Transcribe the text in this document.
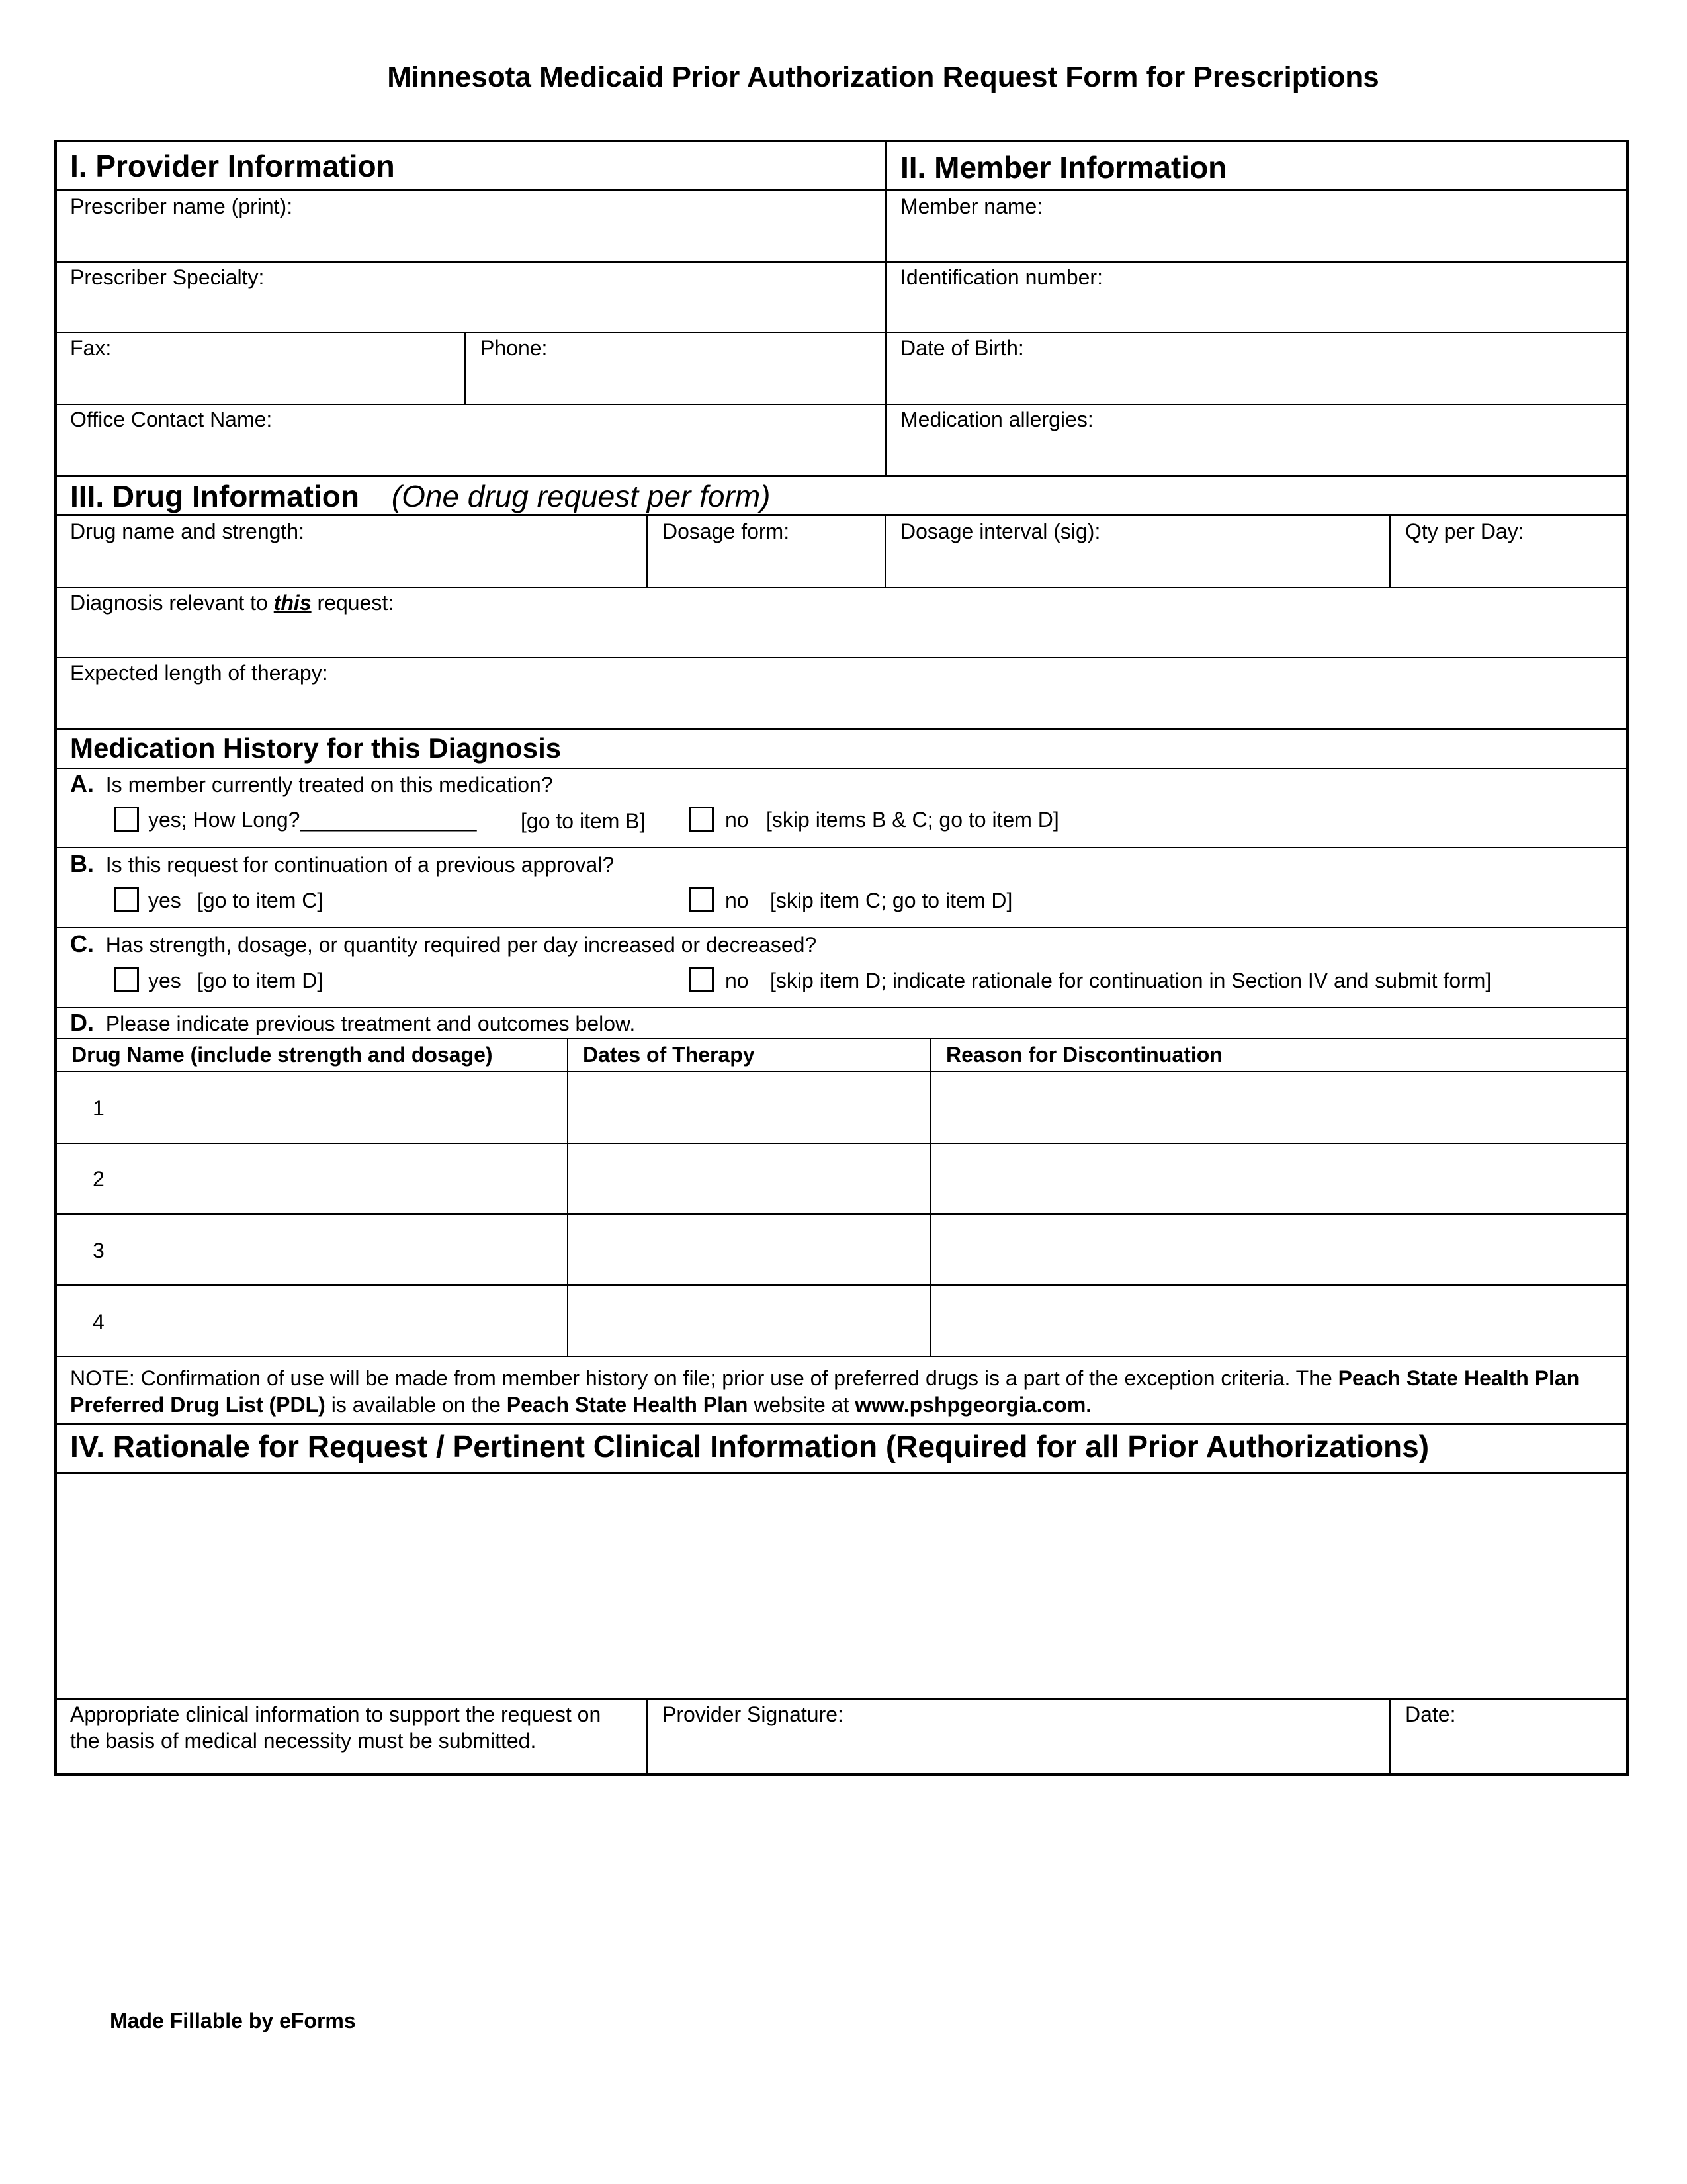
Minnesota Medicaid Prior Authorization Request Form for Prescriptions
I. Provider Information	II. Member Information
Prescriber name (print):	Member name:
Prescriber Specialty:	Identification number:
Fax:	Phone:	Date of Birth:
Office Contact Name:	Medication allergies:
III. Drug Information (One drug request per form)
Drug name and strength:	Dosage form:	Dosage interval (sig):	Qty per Day:
Diagnosis relevant to this request:
Expected length of therapy:
Medication History for this Diagnosis
A. Is member currently treated on this medication?
yes; How Long?_______________ [go to item B]	no [skip items B & C; go to item D]
B. Is this request for continuation of a previous approval?
yes [go to item C]	no [skip item C; go to item D]
C. Has strength, dosage, or quantity required per day increased or decreased?
yes [go to item D]	no [skip item D; indicate rationale for continuation in Section IV and submit form]
D. Please indicate previous treatment and outcomes below.
Drug Name (include strength and dosage)	Dates of Therapy	Reason for Discontinuation
1
2
3
4
NOTE: Confirmation of use will be made from member history on file; prior use of preferred drugs is a part of the exception criteria. The Peach State Health Plan Preferred Drug List (PDL) is available on the Peach State Health Plan website at www.pshpgeorgia.com.
IV. Rationale for Request / Pertinent Clinical Information (Required for all Prior Authorizations)
Appropriate clinical information to support the request on
the basis of medical necessity must be submitted.
Provider Signature:	Date:
Made Fillable by eForms
